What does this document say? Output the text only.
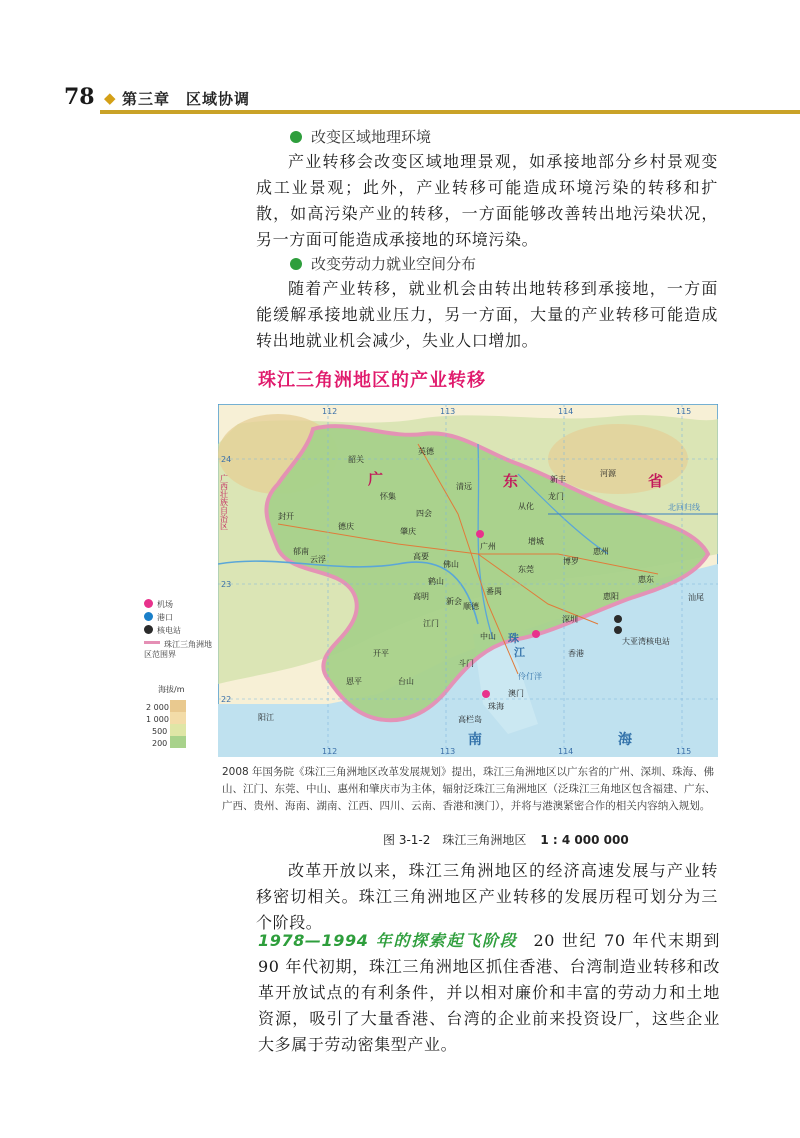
78 ◆ 第三章　区域协调
改变区域地理环境

产业转移会改变区域地理景观，如承接地部分乡村景观变成工业景观；此外，产业转移可能造成环境污染的转移和扩散，如高污染产业的转移，一方面能够改善转出地污染状况，另一方面可能造成承接地的环境污染。

改变劳动力就业空间分布

随着产业转移，就业机会由转出地转移到承接地，一方面能缓解承接地就业压力，另一方面，大量的产业转移可能造成转出地就业机会减少，失业人口增加。

珠江三角洲地区的产业转移
112	113	114	115
112	113	114	115
24
23
22
广	东	省
南	海
珠
江
广西壮族自治区
广州
深圳
珠海
佛山
江门
东莞
中山
惠州
肇庆
清远
韶关
河源
云浮
阳江
汕尾
香港
澳门
台山
开平
恩平
新会
四会
高要
鹤山
增城
从化
博罗
惠阳
惠东
龙门
英德
怀集
封开
德庆
郁南
高明
番禺
顺德
斗门
新丰
大亚湾核电站
北回归线
高栏岛
伶仃洋
机场
港口
核电站
珠江三角洲地区范围界
海拔/m
2 000
1 000
500
200
2008 年国务院《珠江三角洲地区改革发展规划》提出，珠江三角洲地区以广东省的广州、深圳、珠海、佛山、江门、东莞、中山、惠州和肇庆市为主体，辐射泛珠江三角洲地区（泛珠江三角地区包含福建、广东、广西、贵州、海南、湖南、江西、四川、云南、香港和澳门），并将与港澳紧密合作的相关内容纳入规划。
图 3-1-2　珠江三角洲地区 1 : 4 000 000

改革开放以来，珠江三角洲地区的经济高速发展与产业转移密切相关。珠江三角洲地区产业转移的发展历程可划分为三个阶段。

1978—1994 年的探索起飞阶段 20 世纪 70 年代末期到 90 年代初期，珠江三角洲地区抓住香港、台湾制造业转移和改革开放试点的有利条件，并以相对廉价和丰富的劳动力和土地资源，吸引了大量香港、台湾的企业前来投资设厂，这些企业大多属于劳动密集型产业。
